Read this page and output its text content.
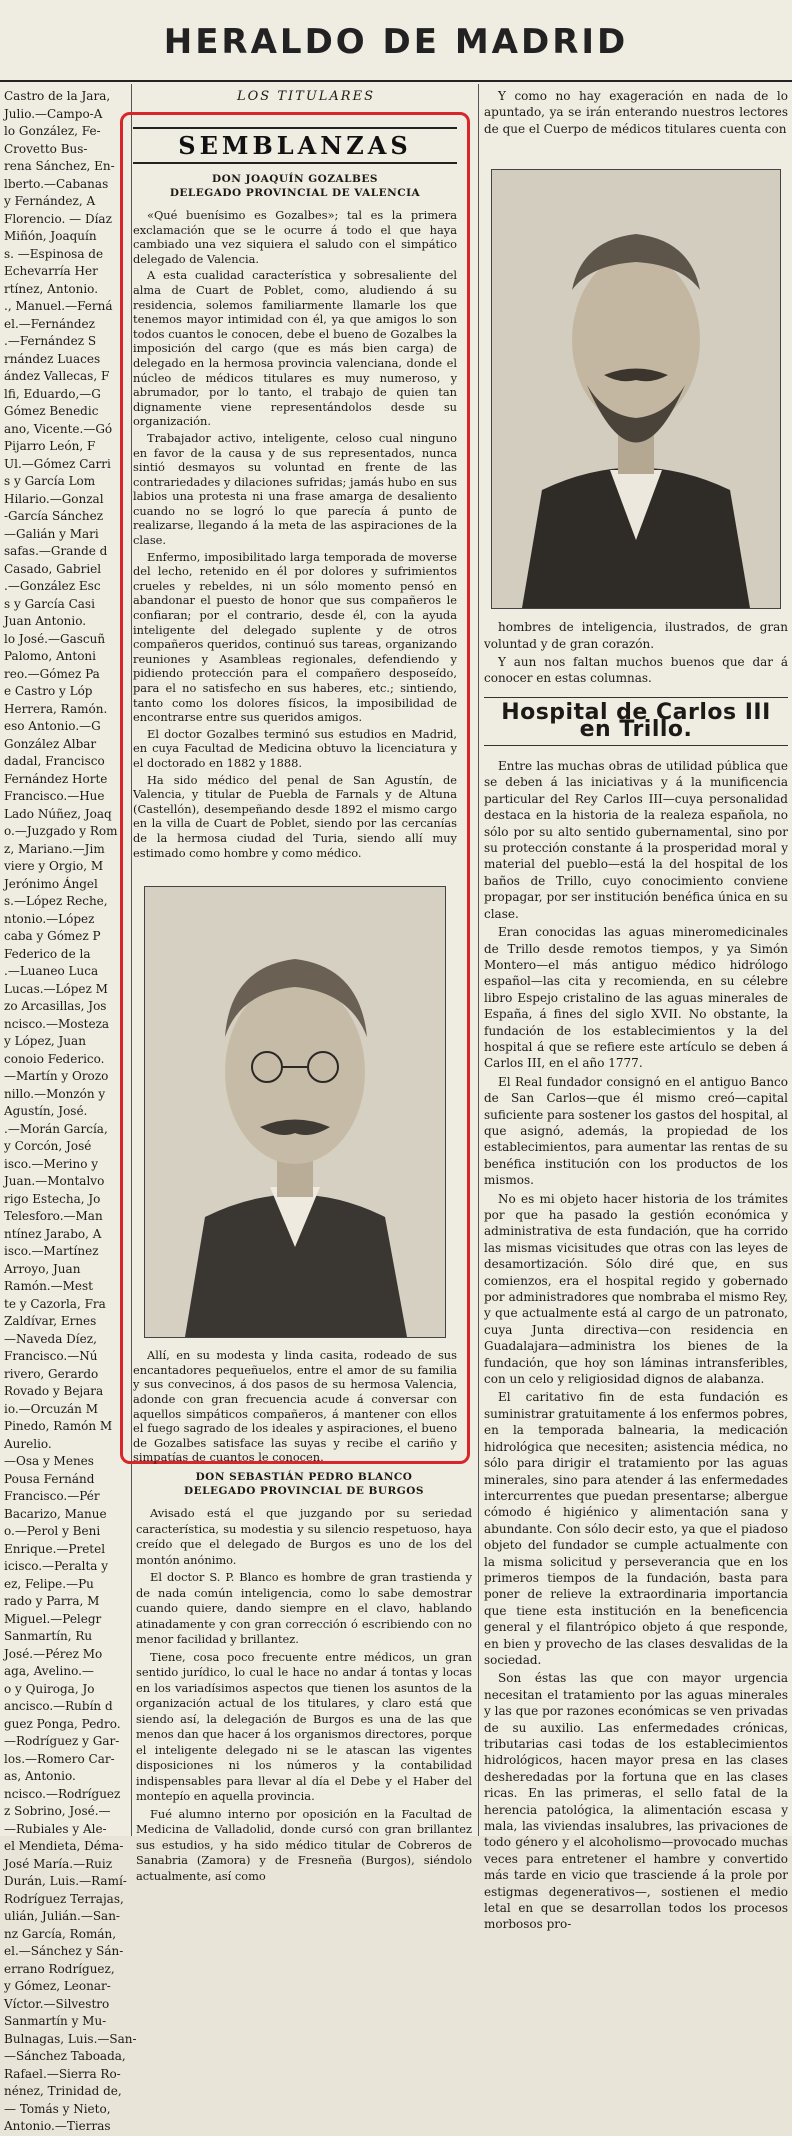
HERALDO DE MADRID
Castro de la Jara,
Julio.—Campo-A
lo González, Fe-
Crovetto Bus-
rena Sánchez, En-
lberto.—Cabanas
y Fernández, A
Florencio. — Díaz
Miñón, Joaquín
s. —Espinosa de
Echevarría Her
rtínez, Antonio.
., Manuel.—Ferná
el.—Fernández
.—Fernández S
rnández Luaces
ández Vallecas, F
lfi, Eduardo,—G
Gómez Benedic
ano, Vicente.—Gó
Pijarro León, F
Ul.—Gómez Carri
s y García Lom
Hilario.—Gonzal
-García Sánchez
—Galián y Mari
safas.—Grande d
Casado, Gabriel
.—González Esc
s y García Casi
Juan Antonio.
lo José.—Gascuñ
Palomo, Antoni
reo.—Gómez Pa
e Castro y Lóp
Herrera, Ramón.
eso Antonio.—G
González Albar
dadal, Francisco
Fernández Horte
Francisco.—Hue
Lado Núñez, Joaq
o.—Juzgado y Rom
z, Mariano.—Jim
viere y Orgio, M
Jerónimo Ángel
s.—López Reche,
ntonio.—López
caba y Gómez P
Federico de la
.—Luaneo Luca
Lucas.—López M
zo Arcasillas, Jos
ncisco.—Mosteza
y López, Juan
conoio Federico.
—Martín y Orozo
nillo.—Monzón y
Agustín, José.
.—Morán García,
y Corcón, José
isco.—Merino y
Juan.—Montalvo
rigo Estecha, Jo
Telesforo.—Man
ntínez Jarabo, A
isco.—Martínez
Arroyo, Juan
Ramón.—Mest
te y Cazorla, Fra
Zaldívar, Ernes
—Naveda Díez,
Francisco.—Nú
rivero, Gerardo
Rovado y Bejara
io.—Orcuzán M
Pinedo, Ramón M
Aurelio.
—Osa y Menes
Pousa Fernánd
Francisco.—Pér
Bacarizo, Manue
o.—Perol y Beni
Enrique.—Pretel
icisco.—Peralta y
ez, Felipe.—Pu
rado y Parra, M
Miguel.—Pelegr
Sanmartín, Ru
José.—Pérez Mo
aga, Avelino.—
o y Quiroga, Jo
ancisco.—Rubín d
guez Ponga, Pedro.
—Rodríguez y Gar-
los.—Romero Car-
as, Antonio.
ncisco.—Rodríguez
z Sobrino, José.—
—Rubiales y Ale-
el Mendieta, Déma-
José María.—Ruiz
Durán, Luis.—Ramí-
Rodríguez Terrajas,
ulián, Julián.—San-
nz García, Román,
el.—Sánchez y Sán-
errano Rodríguez,
y Gómez, Leonar-
Víctor.—Silvestro
Sanmartín y Mu-
Bulnagas, Luis.—San-
—Sánchez Taboada,
Rafael.—Sierra Ro-
nénez, Trinidad de,
— Tomás y Nieto,
Antonio.—Tierras
LOS TITULARES
SEMBLANZAS
DON JOAQUÍN GOZALBES
DELEGADO PROVINCIAL DE VALENCIA

«Qué buenísimo es Gozalbes»; tal es la primera exclamación que se le ocurre á todo el que haya cambiado una vez siquiera el saludo con el simpático delegado de Valencia.

A esta cualidad característica y sobresaliente del alma de Cuart de Poblet, como, aludiendo á su residencia, solemos familiarmente llamarle los que tenemos mayor intimidad con él, ya que amigos lo son todos cuantos le conocen, debe el bueno de Gozalbes la imposición del cargo (que es más bien carga) de delegado en la hermosa provincia valenciana, donde el núcleo de médicos titulares es muy numeroso, y abrumador, por lo tanto, el trabajo de quien tan dignamente viene representándolos desde su organización.

Trabajador activo, inteligente, celoso cual ninguno en favor de la causa y de sus representados, nunca sintió desmayos su voluntad en frente de las contrariedades y dilaciones sufridas; jamás hubo en sus labios una protesta ni una frase amarga de desaliento cuando no se logró lo que parecía á punto de realizarse, llegando á la meta de las aspiraciones de la clase.

Enfermo, imposibilitado larga temporada de moverse del lecho, retenido en él por dolores y sufrimientos crueles y rebeldes, ni un sólo momento pensó en abandonar el puesto de honor que sus compañeros le confiaran; por el contrario, desde él, con la ayuda inteligente del delegado suplente y de otros compañeros queridos, continuó sus tareas, organizando reuniones y Asambleas regionales, defendiendo y pidiendo protección para el compañero desposeído, para el no satisfecho en sus haberes, etc.; sintiendo, tanto como los dolores físicos, la imposibilidad de encontrarse entre sus queridos amigos.

El doctor Gozalbes terminó sus estudios en Madrid, en cuya Facultad de Medicina obtuvo la licenciatura y el doctorado en 1882 y 1888.

Ha sido médico del penal de San Agustín, de Valencia, y titular de Puebla de Farnals y de Altuna (Castellón), desempeñando desde 1892 el mismo cargo en la villa de Cuart de Poblet, siendo por las cercanías de la hermosa ciudad del Turia, siendo allí muy estimado como hombre y como médico.

Allí, en su modesta y linda casita, rodeado de sus encantadores pequeñuelos, entre el amor de su familia y sus convecinos, á dos pasos de su hermosa Valencia, adonde con gran frecuencia acude á conversar con aquellos simpáticos compañeros, á mantener con ellos el fuego sagrado de los ideales y aspiraciones, el bueno de Gozalbes satisface las suyas y recibe el cariño y simpatías de cuantos le conocen.

DON SEBASTIÁN PEDRO BLANCO
DELEGADO PROVINCIAL DE BURGOS

Avisado está el que juzgando por su seriedad característica, su modestia y su silencio respetuoso, haya creído que el delegado de Burgos es uno de los del montón anónimo.

El doctor S. P. Blanco es hombre de gran trastienda y de nada común inteligencia, como lo sabe demostrar cuando quiere, dando siempre en el clavo, hablando atinadamente y con gran corrección ó escribiendo con no menor facilidad y brillantez.

Tiene, cosa poco frecuente entre médicos, un gran sentido jurídico, lo cual le hace no andar á tontas y locas en los variadísimos aspectos que tienen los asuntos de la organización actual de los titulares, y claro está que siendo así, la delegación de Burgos es una de las que menos dan que hacer á los organismos directores, porque el inteligente delegado ni se le atascan las vigentes disposiciones ni los números y la contabilidad indispensables para llevar al día el Debe y el Haber del montepío en aquella provincia.

Fué alumno interno por oposición en la Facultad de Medicina de Valladolid, donde cursó con gran brillantez sus estudios, y ha sido médico titular de Cobreros de Sanabria (Zamora) y de Fresneña (Burgos), siéndolo actualmente, así como

Y como no hay exageración en nada de lo apuntado, ya se irán enterando nuestros lectores de que el Cuerpo de médicos titulares cuenta con

hombres de inteligencia, ilustrados, de gran voluntad y de gran corazón.

Y aun nos faltan muchos buenos que dar á conocer en estas columnas.

Hospital de Carlos III en Trillo.

Entre las muchas obras de utilidad pública que se deben á las iniciativas y á la munificencia particular del Rey Carlos III—cuya personalidad destaca en la historia de la realeza española, no sólo por su alto sentido gubernamental, sino por su protección constante á la prosperidad moral y material del pueblo—está la del hospital de los baños de Trillo, cuyo conocimiento conviene propagar, por ser institución benéfica única en su clase.

Eran conocidas las aguas mineromedicinales de Trillo desde remotos tiempos, y ya Simón Montero—el más antiguo médico hidrólogo español—las cita y recomienda, en su célebre libro Espejo cristalino de las aguas minerales de España, á fines del siglo XVII. No obstante, la fundación de los establecimientos y la del hospital á que se refiere este artículo se deben á Carlos III, en el año 1777.

El Real fundador consignó en el antiguo Banco de San Carlos—que él mismo creó—capital suficiente para sostener los gastos del hospital, al que asignó, además, la propiedad de los establecimientos, para aumentar las rentas de su benéfica institución con los productos de los mismos.

No es mi objeto hacer historia de los trámites por que ha pasado la gestión económica y administrativa de esta fundación, que ha corrido las mismas vicisitudes que otras con las leyes de desamortización. Sólo diré que, en sus comienzos, era el hospital regido y gobernado por administradores que nombraba el mismo Rey, y que actualmente está al cargo de un patronato, cuya Junta directiva—con residencia en Guadalajara—administra los bienes de la fundación, que hoy son láminas intransferibles, con un celo y religiosidad dignos de alabanza.

El caritativo fin de esta fundación es suministrar gratuitamente á los enfermos pobres, en la temporada balnearia, la medicación hidrológica que necesiten; asistencia médica, no sólo para dirigir el tratamiento por las aguas minerales, sino para atender á las enfermedades intercurrentes que puedan presentarse; albergue cómodo é higiénico y alimentación sana y abundante. Con sólo decir esto, ya que el piadoso objeto del fundador se cumple actualmente con la misma solicitud y perseverancia que en los primeros tiempos de la fundación, basta para poner de relieve la extraordinaria importancia que tiene esta institución en la beneficencia general y el filantrópico objeto á que responde, en bien y provecho de las clases desvalidas de la sociedad.

Son éstas las que con mayor urgencia necesitan el tratamiento por las aguas minerales y las que por razones económicas se ven privadas de su auxilio. Las enfermedades crónicas, tributarias casi todas de los establecimientos hidrológicos, hacen mayor presa en las clases desheredadas por la fortuna que en las clases ricas. En las primeras, el sello fatal de la herencia patológica, la alimentación escasa y mala, las viviendas insalubres, las privaciones de todo género y el alcoholismo—provocado muchas veces para entretener el hambre y convertido más tarde en vicio que trasciende á la prole por estigmas degenerativos—, sostienen el medio letal en que se desarrollan todos los procesos morbosos pro-
